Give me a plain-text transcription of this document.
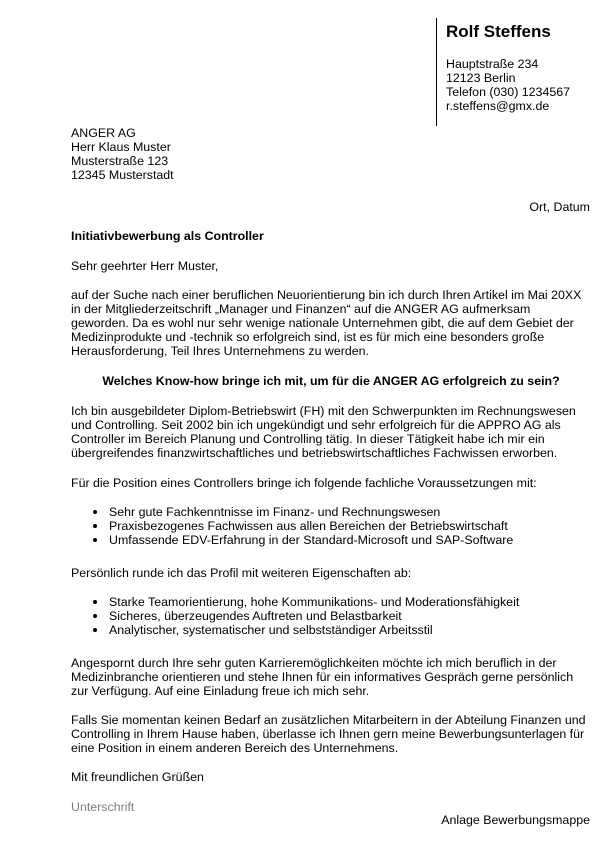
Rolf Steffens
Hauptstraße 234
12123 Berlin
Telefon (030) 1234567
r.steffens@gmx.de
ANGER AG
Herr Klaus Muster
Musterstraße 123
12345 Musterstadt
Ort, Datum
Initiativbewerbung als Controller
Sehr geehrter Herr Muster,

auf der Suche nach einer beruflichen Neuorientierung bin ich durch Ihren Artikel im Mai 20XX in der Mitgliederzeitschrift „Manager und Finanzen“ auf die ANGER AG aufmerksam geworden. Da es wohl nur sehr wenige nationale Unternehmen gibt, die auf dem Gebiet der Medizinprodukte und -technik so erfolgreich sind, ist es für mich eine besonders große Herausforderung, Teil Ihres Unternehmens zu werden.

Welches Know-how bringe ich mit, um für die ANGER AG erfolgreich zu sein?

Ich bin ausgebildeter Diplom-Betriebswirt (FH) mit den Schwerpunkten im Rechnungswesen und Controlling. Seit 2002 bin ich ungekündigt und sehr erfolgreich für die APPRO AG als Controller im Bereich Planung und Controlling tätig. In dieser Tätigkeit habe ich mir ein übergreifendes finanzwirtschaftliches und betriebswirtschaftliches Fachwissen erworben.

Für die Position eines Controllers bringe ich folgende fachliche Voraussetzungen mit:

Sehr gute Fachkenntnisse im Finanz- und Rechnungswesen
Praxisbezogenes Fachwissen aus allen Bereichen der Betriebswirtschaft
Umfassende EDV-Erfahrung in der Standard-Microsoft und SAP-Software

Persönlich runde ich das Profil mit weiteren Eigenschaften ab:

Starke Teamorientierung, hohe Kommunikations- und Moderationsfähigkeit
Sicheres, überzeugendes Auftreten und Belastbarkeit
Analytischer, systematischer und selbstständiger Arbeitsstil

Angespornt durch Ihre sehr guten Karrieremöglichkeiten möchte ich mich beruflich in der Medizinbranche orientieren und stehe Ihnen für ein informatives Gespräch gerne persönlich zur Verfügung. Auf eine Einladung freue ich mich sehr.

Falls Sie momentan keinen Bedarf an zusätzlichen Mitarbeitern in der Abteilung Finanzen und Controlling in Ihrem Hause haben, überlasse ich Ihnen gern meine Bewerbungsunterlagen für eine Position in einem anderen Bereich des Unternehmens.

Mit freundlichen Grüßen
Unterschrift
Anlage Bewerbungsmappe
